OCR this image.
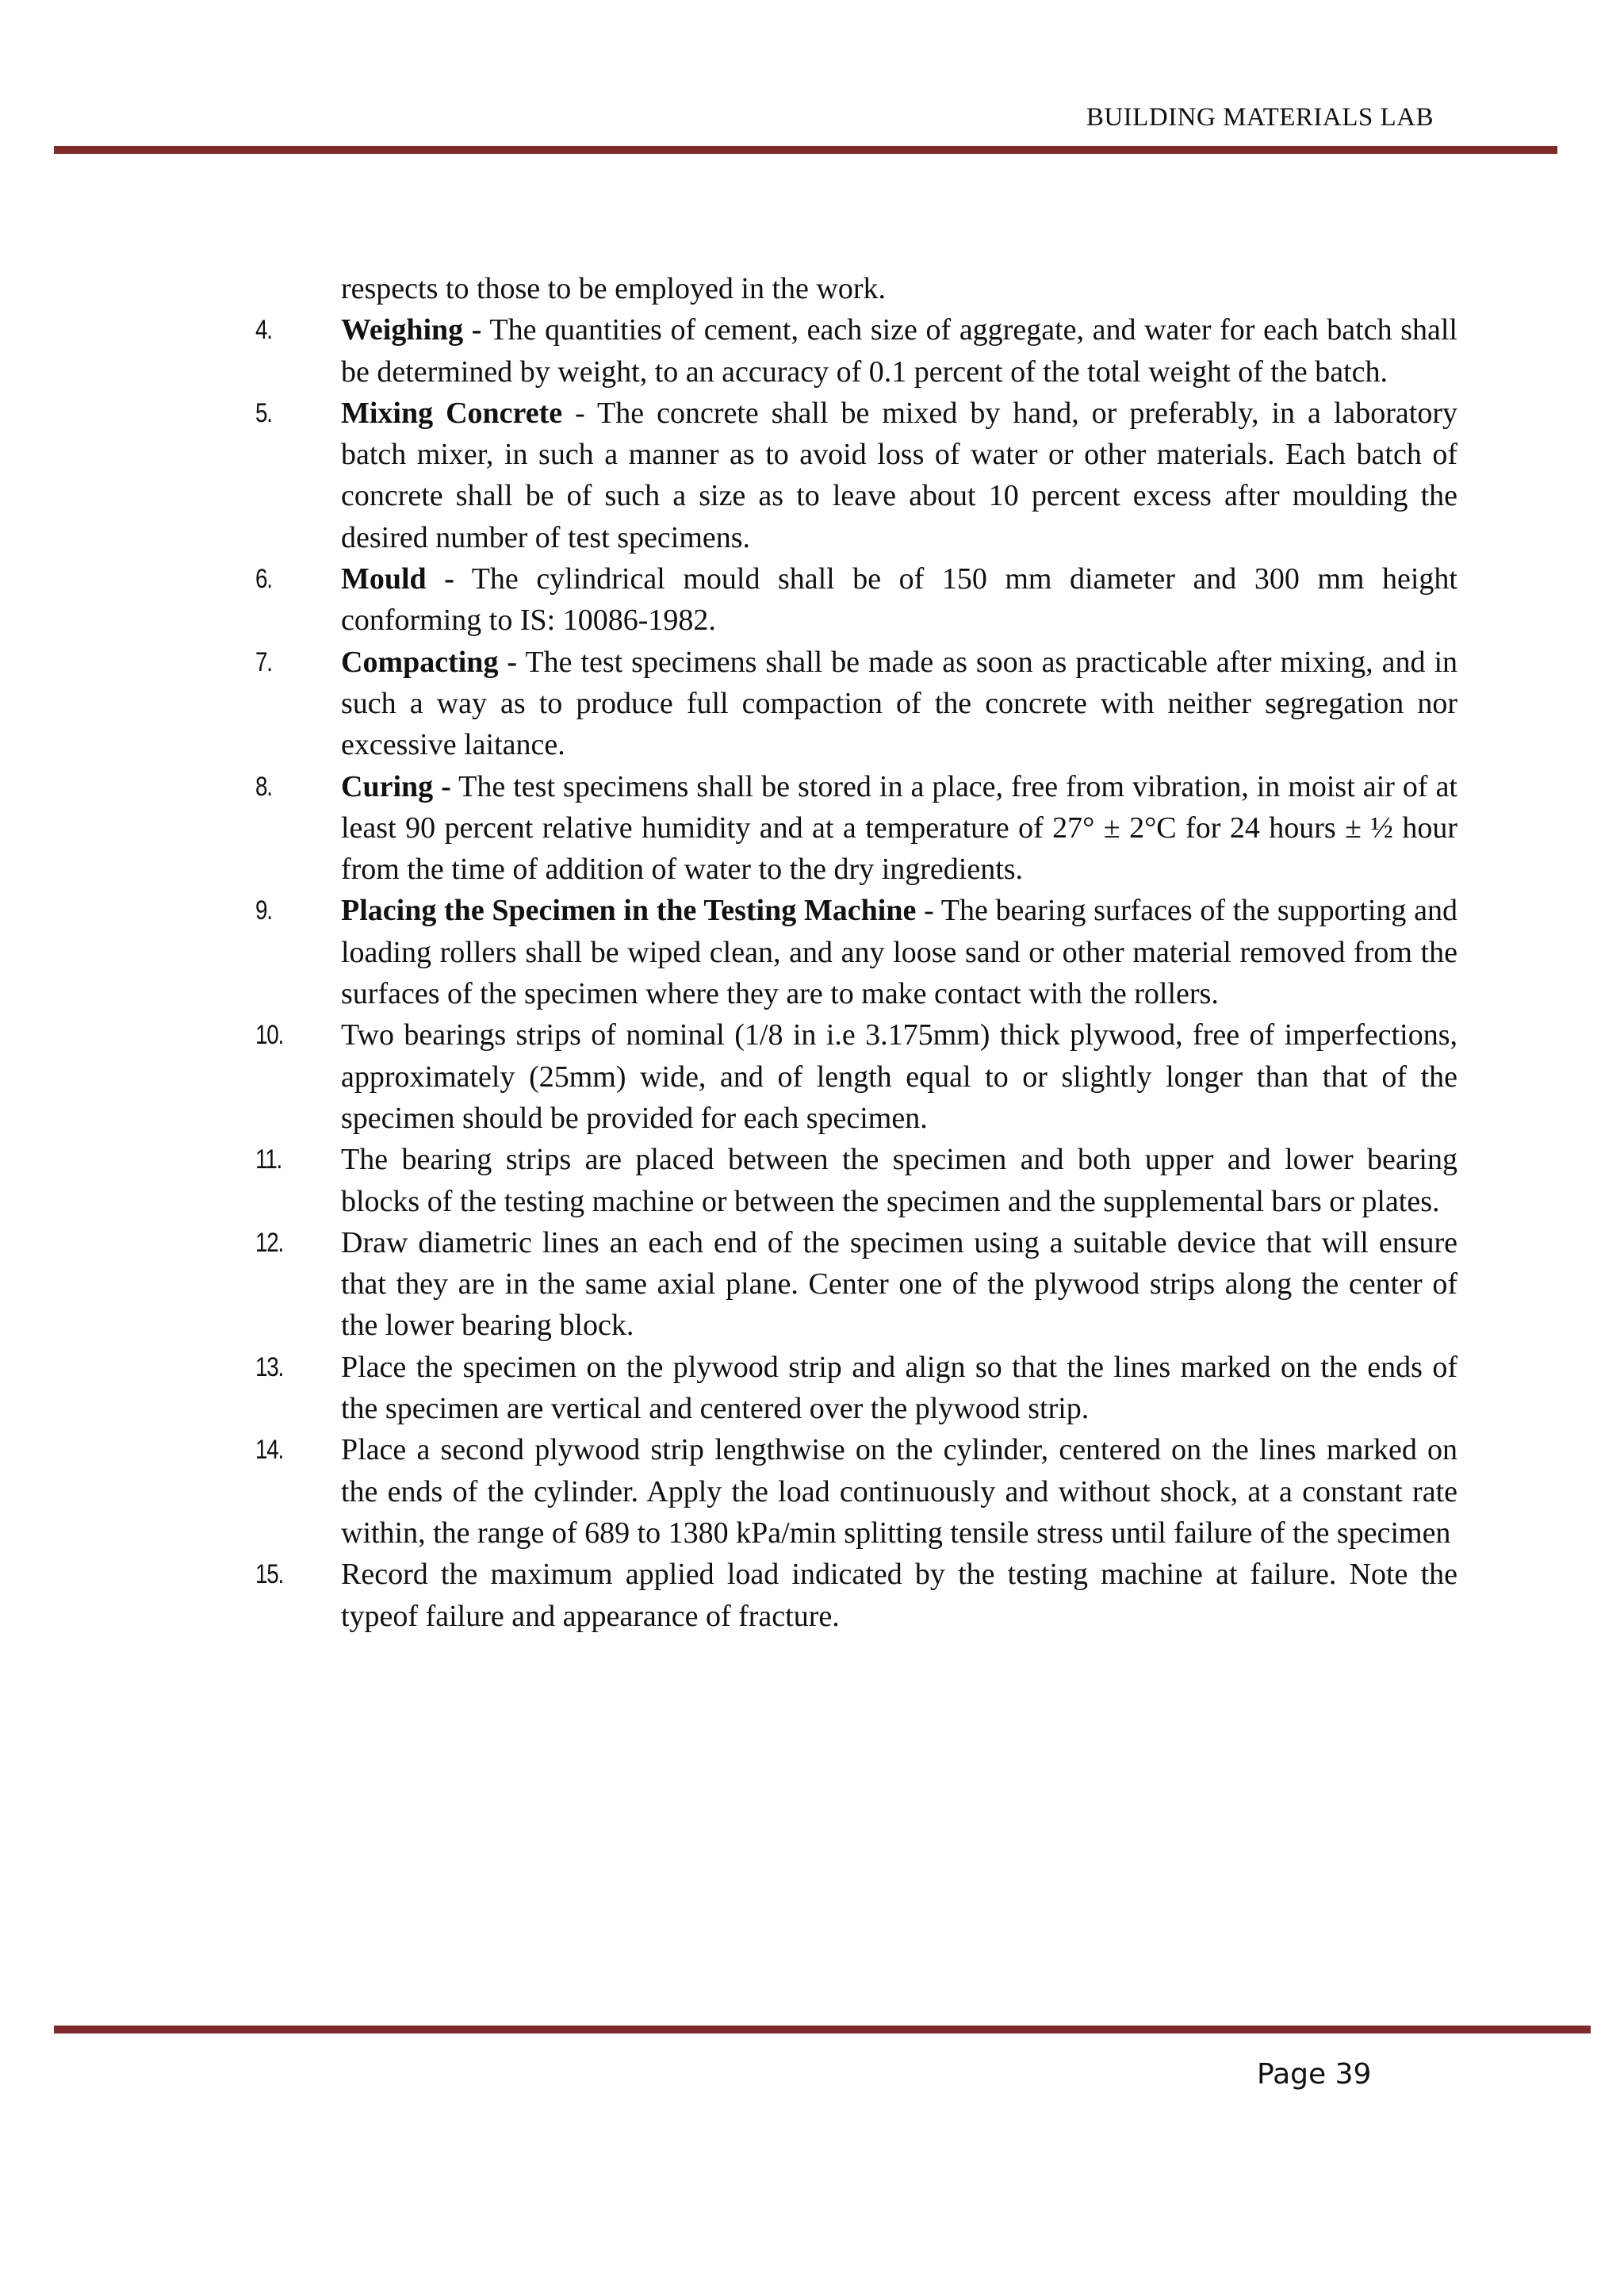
BUILDING MATERIALS LAB

respects to those to be employed in the work.

4.	Weighing - The quantities of cement, each size of aggregate, and water for each batch shall be determined by weight, to an accuracy of 0.1 percent of the total weight of the batch.

5.	Mixing Concrete - The concrete shall be mixed by hand, or preferably, in a laboratory batch mixer, in such a manner as to avoid loss of water or other materials. Each batch of concrete shall be of such a size as to leave about 10 percent excess after moulding the desired number of test specimens.

6.	Mould - The cylindrical mould shall be of 150 mm diameter and 300 mm height conforming to IS: 10086-1982.

7.	Compacting - The test specimens shall be made as soon as practicable after mixing, and in such a way as to produce full compaction of the concrete with neither segregation nor excessive laitance.

8.	Curing - The test specimens shall be stored in a place, free from vibration, in moist air of at least 90 percent relative humidity and at a temperature of 27° ± 2°C for 24 hours ± ½ hour from the time of addition of water to the dry ingredients.

9.	Placing the Specimen in the Testing Machine - The bearing surfaces of the supporting and loading rollers shall be wiped clean, and any loose sand or other material removed from the surfaces of the specimen where they are to make contact with the rollers.

10.	Two bearings strips of nominal (1/8 in i.e 3.175mm) thick plywood, free of imperfections, approximately (25mm) wide, and of length equal to or slightly longer than that of the specimen should be provided for each specimen.

11.	The bearing strips are placed between the specimen and both upper and lower bearing blocks of the testing machine or between the specimen and the supplemental bars or plates.

12.	Draw diametric lines an each end of the specimen using a suitable device that will ensure that they are in the same axial plane. Center one of the plywood strips along the center of the lower bearing block.

13.	Place the specimen on the plywood strip and align so that the lines marked on the ends of the specimen are vertical and centered over the plywood strip.

14.	Place a second plywood strip lengthwise on the cylinder, centered on the lines marked on the ends of the cylinder. Apply the load continuously and without shock, at a constant rate within, the range of 689 to 1380 kPa/min splitting tensile stress until failure of the specimen

15.	Record the maximum applied load indicated by the testing machine at failure. Note the typeof failure and appearance of fracture.

Page 39
